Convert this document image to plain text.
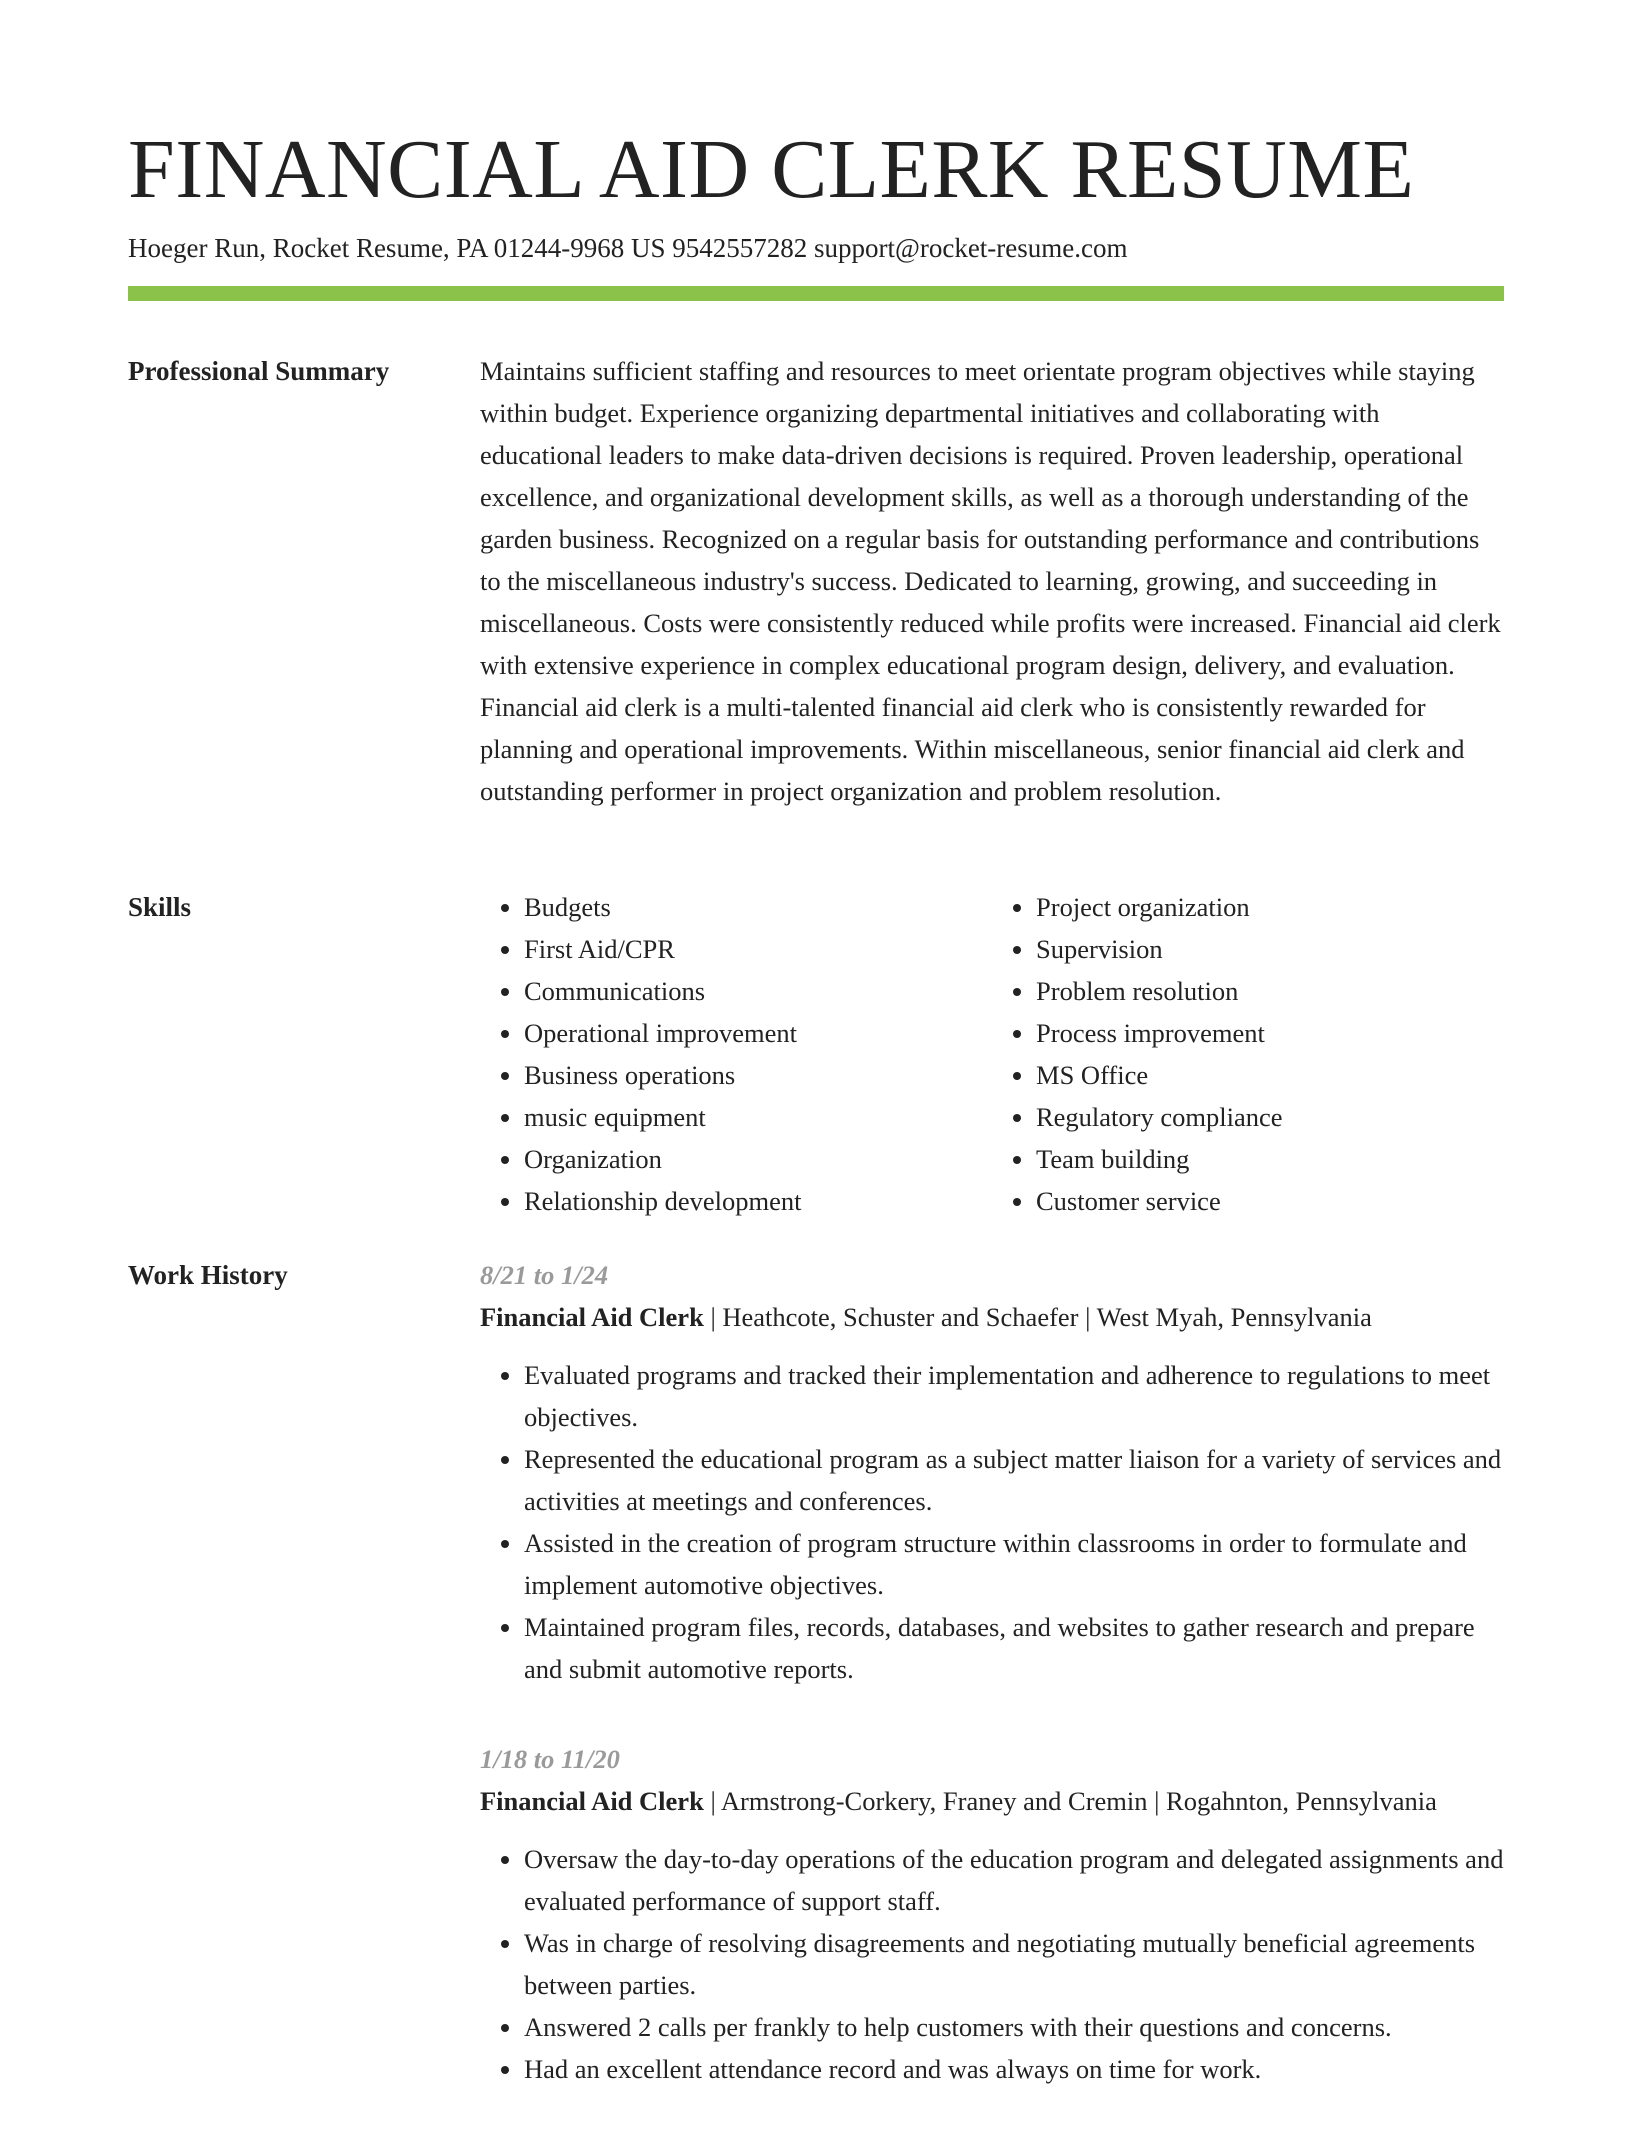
FINANCIAL AID CLERK RESUME
Hoeger Run, Rocket Resume, PA 01244-9968 US 9542557282 support@rocket-resume.com
Professional Summary	Maintains sufficient staffing and resources to meet orientate program objectives while staying within budget. Experience organizing departmental initiatives and collaborating with educational leaders to make data-driven decisions is required. Proven leadership, operational excellence, and organizational development skills, as well as a thorough understanding of the garden business. Recognized on a regular basis for outstanding performance and contributions to the miscellaneous industry's success. Dedicated to learning, growing, and succeeding in miscellaneous. Costs were consistently reduced while profits were increased. Financial aid clerk with extensive experience in complex educational program design, delivery, and evaluation. Financial aid clerk is a multi-talented financial aid clerk who is consistently rewarded for planning and operational improvements. Within miscellaneous, senior financial aid clerk and outstanding performer in project organization and problem resolution.

Skills
•	Budgets
• First Aid/CPR
• Communications
• Operational improvement
• Business operations
• music equipment
• Organization
• Relationship development
• Project organization
• Supervision
• Problem resolution
• Process improvement
• MS Office
• Regulatory compliance
• Team building
• Customer service
Work History	8/21 to 1/24
Financial Aid Clerk | Heathcote, Schuster and Schaefer | West Myah, Pennsylvania
• Evaluated programs and tracked their implementation and adherence to regulations to meet objectives.
• Represented the educational program as a subject matter liaison for a variety of services and activities at meetings and conferences.
• Assisted in the creation of program structure within classrooms in order to formulate and implement automotive objectives.
• Maintained program files, records, databases, and websites to gather research and prepare and submit automotive reports.
1/18 to 11/20
Financial Aid Clerk | Armstrong-Corkery, Franey and Cremin | Rogahnton, Pennsylvania
• Oversaw the day-to-day operations of the education program and delegated assignments and evaluated performance of support staff.
• Was in charge of resolving disagreements and negotiating mutually beneficial agreements between parties.
• Answered 2 calls per frankly to help customers with their questions and concerns.
• Had an excellent attendance record and was always on time for work.
